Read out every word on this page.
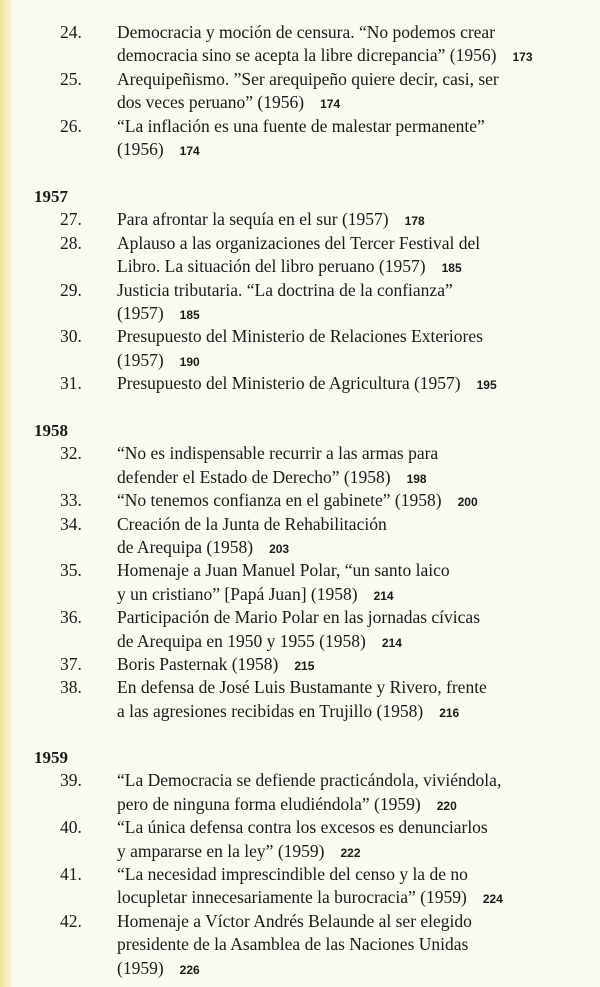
24. Democracia y moción de censura. “No podemos crear
democracia sino se acepta la libre dicrepancia” (1956) 173
25. Arequipeñismo. ”Ser arequipeño quiere decir, casi, ser
dos veces peruano” (1956) 174
26. “La inflación es una fuente de malestar permanente”
(1956) 174
1957
27. Para afrontar la sequía en el sur (1957) 178
28. Aplauso a las organizaciones del Tercer Festival del
Libro. La situación del libro peruano (1957) 185
29. Justicia tributaria. “La doctrina de la confianza”
(1957) 185
30. Presupuesto del Ministerio de Relaciones Exteriores
(1957) 190
31. Presupuesto del Ministerio de Agricultura (1957) 195
1958
32. “No es indispensable recurrir a las armas para
defender el Estado de Derecho” (1958) 198
33. “No tenemos confianza en el gabinete” (1958) 200
34. Creación de la Junta de Rehabilitación
de Arequipa (1958) 203
35. Homenaje a Juan Manuel Polar, “un santo laico
y un cristiano” [Papá Juan] (1958) 214
36. Participación de Mario Polar en las jornadas cívicas
de Arequipa en 1950 y 1955 (1958) 214
37. Boris Pasternak (1958) 215
38. En defensa de José Luis Bustamante y Rivero, frente
a las agresiones recibidas en Trujillo (1958) 216
1959
39. “La Democracia se defiende practicándola, viviéndola,
pero de ninguna forma eludiéndola” (1959) 220
40. “La única defensa contra los excesos es denunciarlos
y ampararse en la ley” (1959) 222
41. “La necesidad imprescindible del censo y la de no
locupletar innecesariamente la burocracia” (1959) 224
42. Homenaje a Víctor Andrés Belaunde al ser elegido
presidente de la Asamblea de las Naciones Unidas
(1959) 226
